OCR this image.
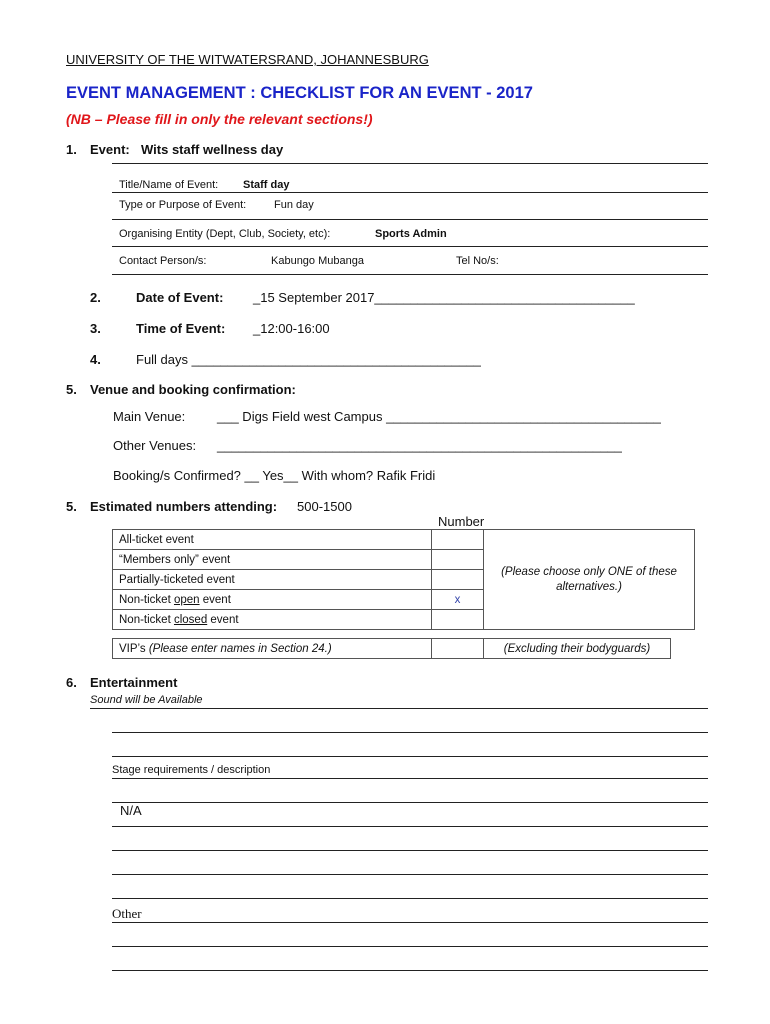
UNIVERSITY OF THE WITWATERSRAND, JOHANNESBURG
EVENT MANAGEMENT : CHECKLIST FOR AN EVENT - 2017
(NB – Please fill in only the relevant sections!)
1. Event: Wits staff wellness day
Title/Name of Event: Staff day
Type or Purpose of Event:	Fun day
Organising Entity (Dept, Club, Society, etc):	Sports Admin
Contact Person/s:	Kabungo Mubanga	Tel No/s:
2.	Date of Event: _15 September 2017____________________________________
3.	Time of Event: _12:00-16:00
4.	Full days ________________________________________
5. Venue and booking confirmation:
Main Venue: ___ Digs Field west Campus ______________________________________
Other Venues: ________________________________________________________
Booking/s Confirmed? __ Yes__ With whom? Rafik Fridi
5. Estimated numbers attending: 500-1500
Number
All-ticket event		(Please choose only ONE of these alternatives.)

“Members only” event		
Partially-ticketed event		
Non-ticket open event	x	
Non-ticket closed event		
VIP’s (Please enter names in Section 24.)		(Excluding their bodyguards)
6. Entertainment
Sound will be Available
Stage requirements / description
N/A
Other
